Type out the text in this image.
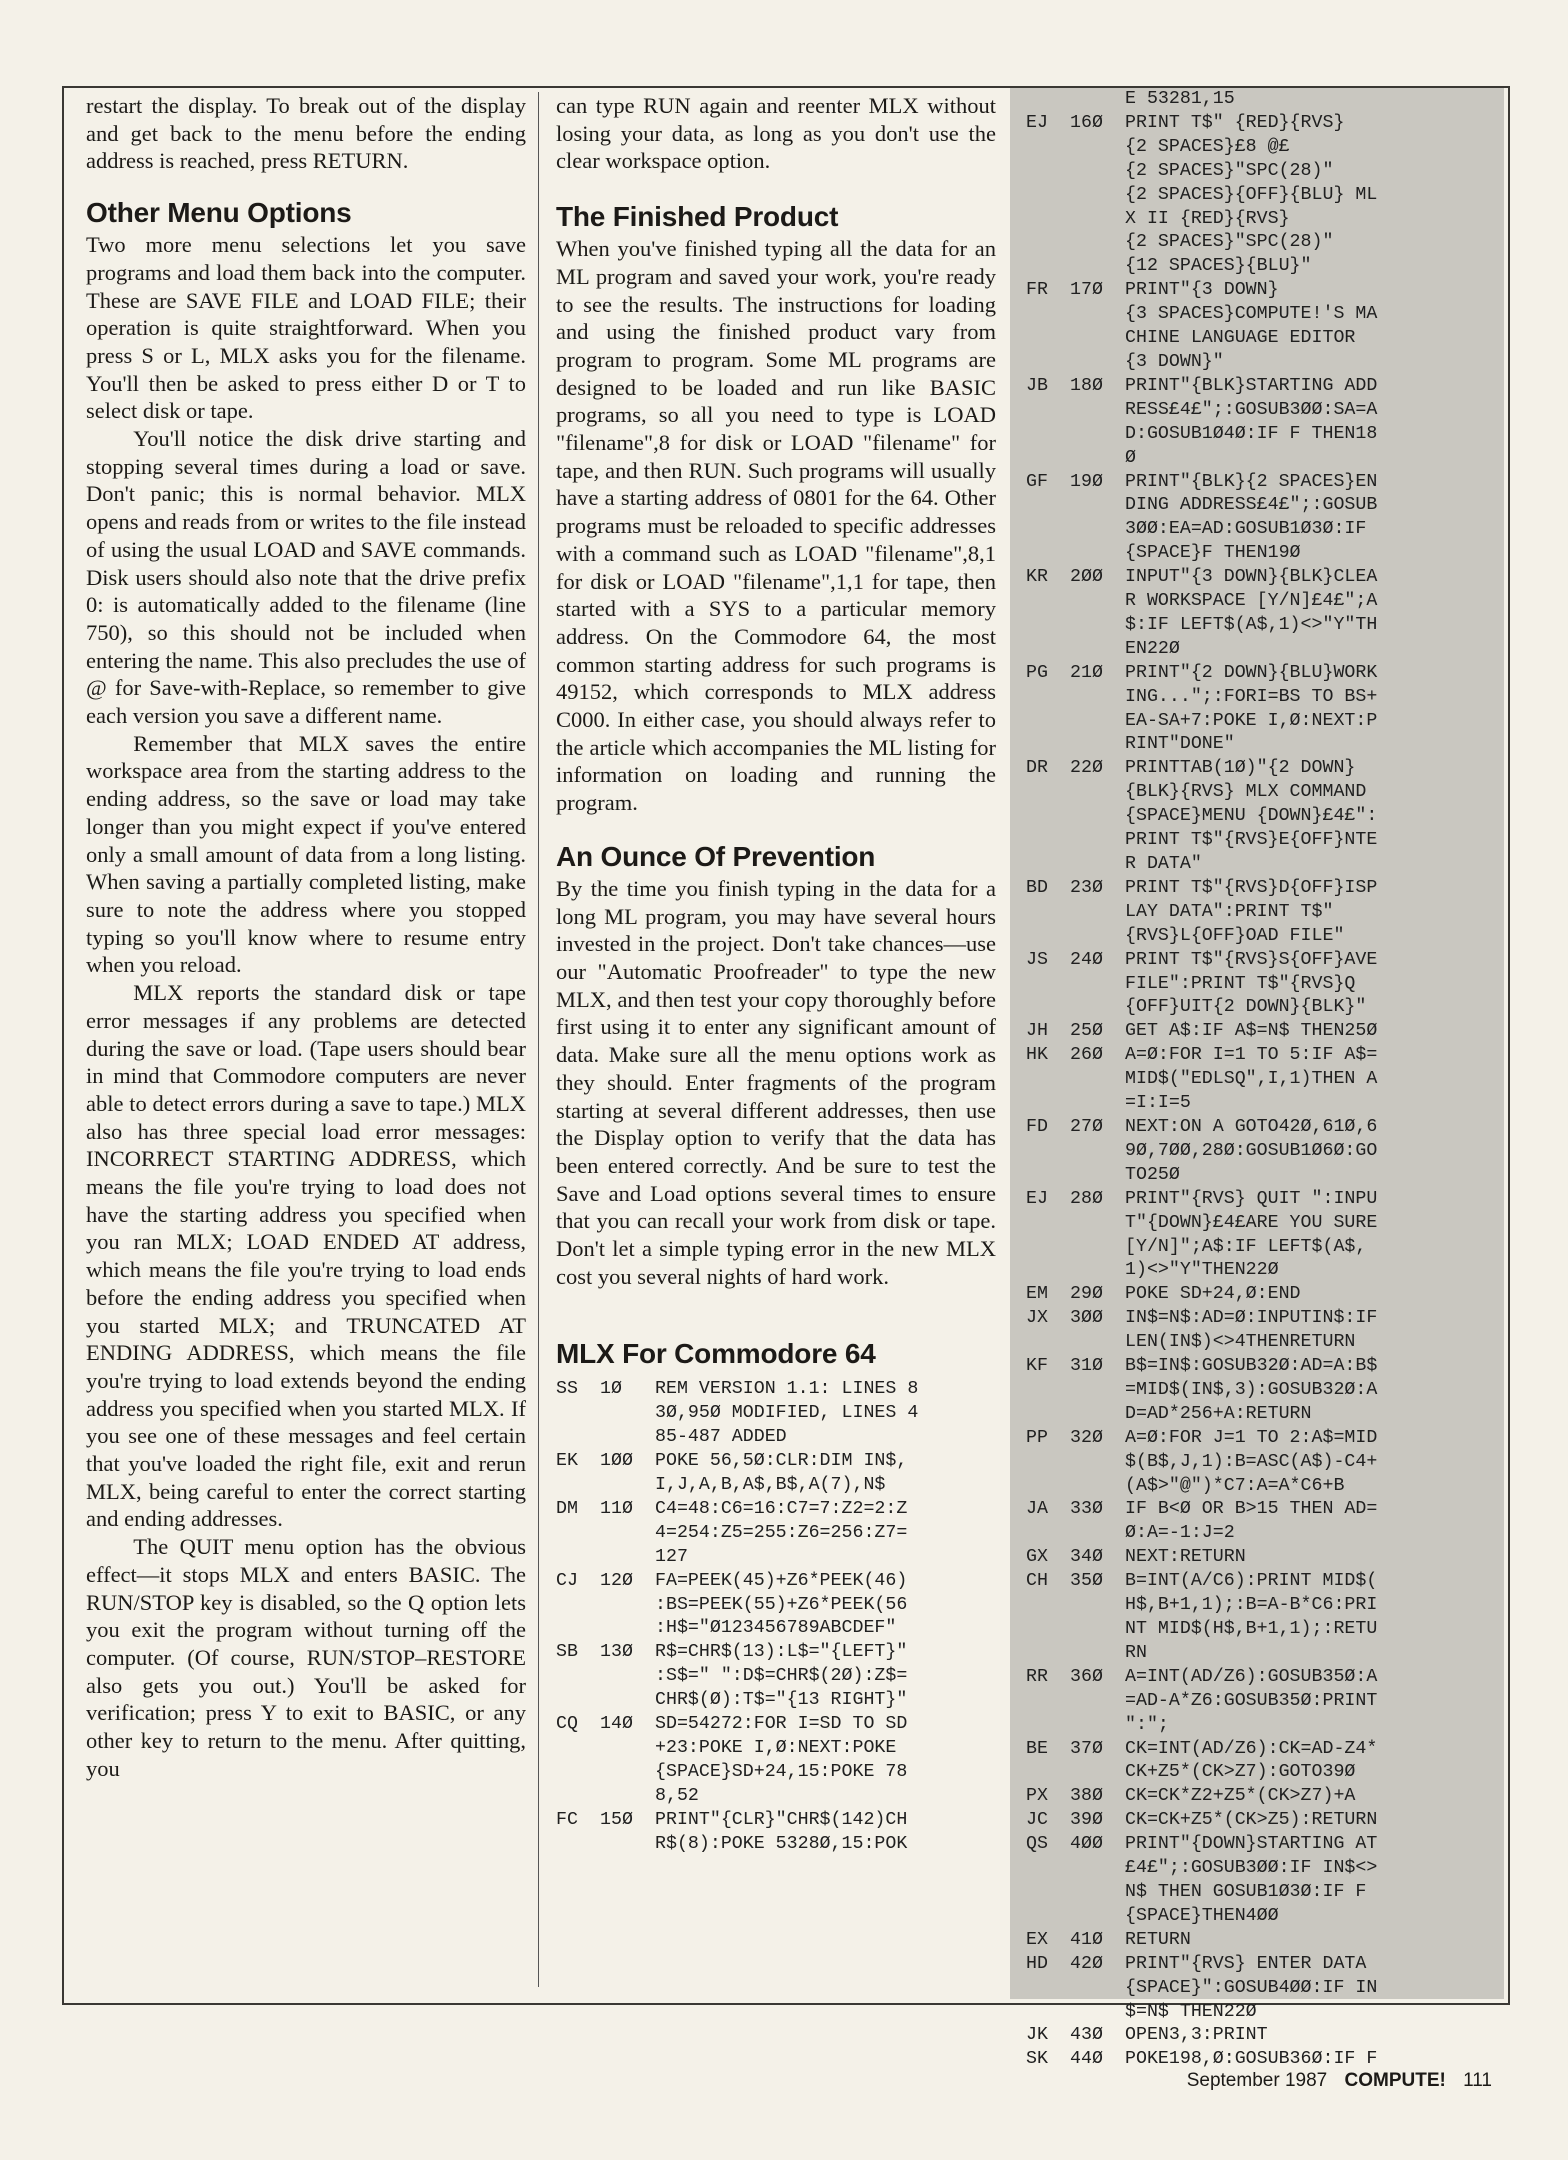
restart the display. To break out of the display and get back to the menu before the ending address is reached, press RETURN.

Other Menu Options

Two more menu selections let you save programs and load them back into the computer. These are SAVE FILE and LOAD FILE; their operation is quite straightforward. When you press S or L, MLX asks you for the filename. You'll then be asked to press either D or T to select disk or tape.

You'll notice the disk drive starting and stopping several times during a load or save. Don't panic; this is normal behavior. MLX opens and reads from or writes to the file instead of using the usual LOAD and SAVE commands. Disk users should also note that the drive prefix 0: is automatically added to the filename (line 750), so this should not be included when entering the name. This also precludes the use of @ for Save-with-Replace, so remember to give each version you save a different name.

Remember that MLX saves the entire workspace area from the starting address to the ending address, so the save or load may take longer than you might expect if you've entered only a small amount of data from a long listing. When saving a partially completed listing, make sure to note the address where you stopped typing so you'll know where to resume entry when you reload.

MLX reports the standard disk or tape error messages if any problems are detected during the save or load. (Tape users should bear in mind that Commodore computers are never able to detect errors during a save to tape.) MLX also has three special load error messages: INCORRECT STARTING ADDRESS, which means the file you're trying to load does not have the starting address you specified when you ran MLX; LOAD ENDED AT address, which means the file you're trying to load ends before the ending address you specified when you started MLX; and TRUNCATED AT ENDING ADDRESS, which means the file you're trying to load extends beyond the ending address you specified when you started MLX. If you see one of these messages and feel certain that you've loaded the right file, exit and rerun MLX, being careful to enter the correct starting and ending addresses.

The QUIT menu option has the obvious effect—it stops MLX and enters BASIC. The RUN/STOP key is disabled, so the Q option lets you exit the program without turning off the computer. (Of course, RUN/STOP–RESTORE also gets you out.) You'll be asked for verification; press Y to exit to BASIC, or any other key to return to the menu. After quitting, you

can type RUN again and reenter MLX without losing your data, as long as you don't use the clear workspace option.

The Finished Product

When you've finished typing all the data for an ML program and saved your work, you're ready to see the results. The instructions for loading and using the finished product vary from program to program. Some ML programs are designed to be loaded and run like BASIC programs, so all you need to type is LOAD "filename",8 for disk or LOAD "filename" for tape, and then RUN. Such programs will usually have a starting address of 0801 for the 64. Other programs must be reloaded to specific addresses with a command such as LOAD "filename",8,1 for disk or LOAD "filename",1,1 for tape, then started with a SYS to a particular memory address. On the Commodore 64, the most common starting address for such programs is 49152, which corresponds to MLX address C000. In either case, you should always refer to the article which accompanies the ML listing for information on loading and running the program.

An Ounce Of Prevention

By the time you finish typing in the data for a long ML program, you may have several hours invested in the project. Don't take chances—use our "Automatic Proofreader" to type the new MLX, and then test your copy thoroughly before first using it to enter any significant amount of data. Make sure all the menu options work as they should. Enter fragments of the program starting at several different addresses, then use the Display option to verify that the data has been entered correctly. And be sure to test the Save and Load options several times to ensure that you can recall your work from disk or tape. Don't let a simple typing error in the new MLX cost you several nights of hard work.

MLX For Commodore 64
SS	1Ø	REM VERSION 1.1: LINES 8
3Ø,95Ø MODIFIED, LINES 4
85-487 ADDED
EK	1ØØ	POKE 56,5Ø:CLR:DIM IN$,
I,J,A,B,A$,B$,A(7),N$
DM	11Ø	C4=48:C6=16:C7=7:Z2=2:Z
4=254:Z5=255:Z6=256:Z7=
127
CJ	12Ø	FA=PEEK(45)+Z6*PEEK(46)
:BS=PEEK(55)+Z6*PEEK(56
:H$="Ø123456789ABCDEF"
SB	13Ø	R$=CHR$(13):L$="{LEFT}"
:S$=" ":D$=CHR$(2Ø):Z$=
CHR$(Ø):T$="{13 RIGHT}"
CQ	14Ø	SD=54272:FOR I=SD TO SD
+23:POKE I,Ø:NEXT:POKE
{SPACE}SD+24,15:POKE 78
8,52
FC	15Ø	PRINT"{CLR}"CHR$(142)CH
R$(8):POKE 5328Ø,15:POK
E 53281,15
EJ	16Ø	PRINT T$" {RED}{RVS}
{2 SPACES}£8 @£
{2 SPACES}"SPC(28)"
{2 SPACES}{OFF}{BLU} ML
X II {RED}{RVS}
{2 SPACES}"SPC(28)"
{12 SPACES}{BLU}"
FR	17Ø	PRINT"{3 DOWN}
{3 SPACES}COMPUTE!'S MA
CHINE LANGUAGE EDITOR
{3 DOWN}"
JB	18Ø	PRINT"{BLK}STARTING ADD
RESS£4£";:GOSUB3ØØ:SA=A
D:GOSUB1Ø4Ø:IF F THEN18
Ø
GF	19Ø	PRINT"{BLK}{2 SPACES}EN
DING ADDRESS£4£";:GOSUB
3ØØ:EA=AD:GOSUB1Ø3Ø:IF
{SPACE}F THEN19Ø
KR	2ØØ	INPUT"{3 DOWN}{BLK}CLEA
R WORKSPACE [Y/N]£4£";A
$:IF LEFT$(A$,1)<>"Y"TH
EN22Ø
PG	21Ø	PRINT"{2 DOWN}{BLU}WORK
ING...";:FORI=BS TO BS+
EA-SA+7:POKE I,Ø:NEXT:P
RINT"DONE"
DR	22Ø	PRINTTAB(1Ø)"{2 DOWN}
{BLK}{RVS} MLX COMMAND
{SPACE}MENU {DOWN}£4£":
PRINT T$"{RVS}E{OFF}NTE
R DATA"
BD	23Ø	PRINT T$"{RVS}D{OFF}ISP
LAY DATA":PRINT T$"
{RVS}L{OFF}OAD FILE"
JS	24Ø	PRINT T$"{RVS}S{OFF}AVE
FILE":PRINT T$"{RVS}Q
{OFF}UIT{2 DOWN}{BLK}"
JH	25Ø	GET A$:IF A$=N$ THEN25Ø
HK	26Ø	A=Ø:FOR I=1 TO 5:IF A$=
MID$("EDLSQ",I,1)THEN A
=I:I=5
FD	27Ø	NEXT:ON A GOTO42Ø,61Ø,6
9Ø,7ØØ,28Ø:GOSUB1Ø6Ø:GO
TO25Ø
EJ	28Ø	PRINT"{RVS} QUIT ":INPU
T"{DOWN}£4£ARE YOU SURE
[Y/N]";A$:IF LEFT$(A$,
1)<>"Y"THEN22Ø
EM	29Ø	POKE SD+24,Ø:END
JX	3ØØ	IN$=N$:AD=Ø:INPUTIN$:IF
LEN(IN$)<>4THENRETURN
KF	31Ø	B$=IN$:GOSUB32Ø:AD=A:B$
=MID$(IN$,3):GOSUB32Ø:A
D=AD*256+A:RETURN
PP	32Ø	A=Ø:FOR J=1 TO 2:A$=MID
$(B$,J,1):B=ASC(A$)-C4+
(A$>"@")*C7:A=A*C6+B
JA	33Ø	IF B<Ø OR B>15 THEN AD=
Ø:A=-1:J=2
GX	34Ø	NEXT:RETURN
CH	35Ø	B=INT(A/C6):PRINT MID$(
H$,B+1,1);:B=A-B*C6:PRI
NT MID$(H$,B+1,1);:RETU
RN
RR	36Ø	A=INT(AD/Z6):GOSUB35Ø:A
=AD-A*Z6:GOSUB35Ø:PRINT
":";
BE	37Ø	CK=INT(AD/Z6):CK=AD-Z4*
CK+Z5*(CK>Z7):GOTO39Ø
PX	38Ø	CK=CK*Z2+Z5*(CK>Z7)+A
JC	39Ø	CK=CK+Z5*(CK>Z5):RETURN
QS	4ØØ	PRINT"{DOWN}STARTING AT
£4£";:GOSUB3ØØ:IF IN$<>
N$ THEN GOSUB1Ø3Ø:IF F
{SPACE}THEN4ØØ
EX	41Ø	RETURN
HD	42Ø	PRINT"{RVS} ENTER DATA
{SPACE}":GOSUB4ØØ:IF IN
$=N$ THEN22Ø
JK	43Ø	OPEN3,3:PRINT
SK	44Ø	POKE198,Ø:GOSUB36Ø:IF F
September 1987 COMPUTE! 111
